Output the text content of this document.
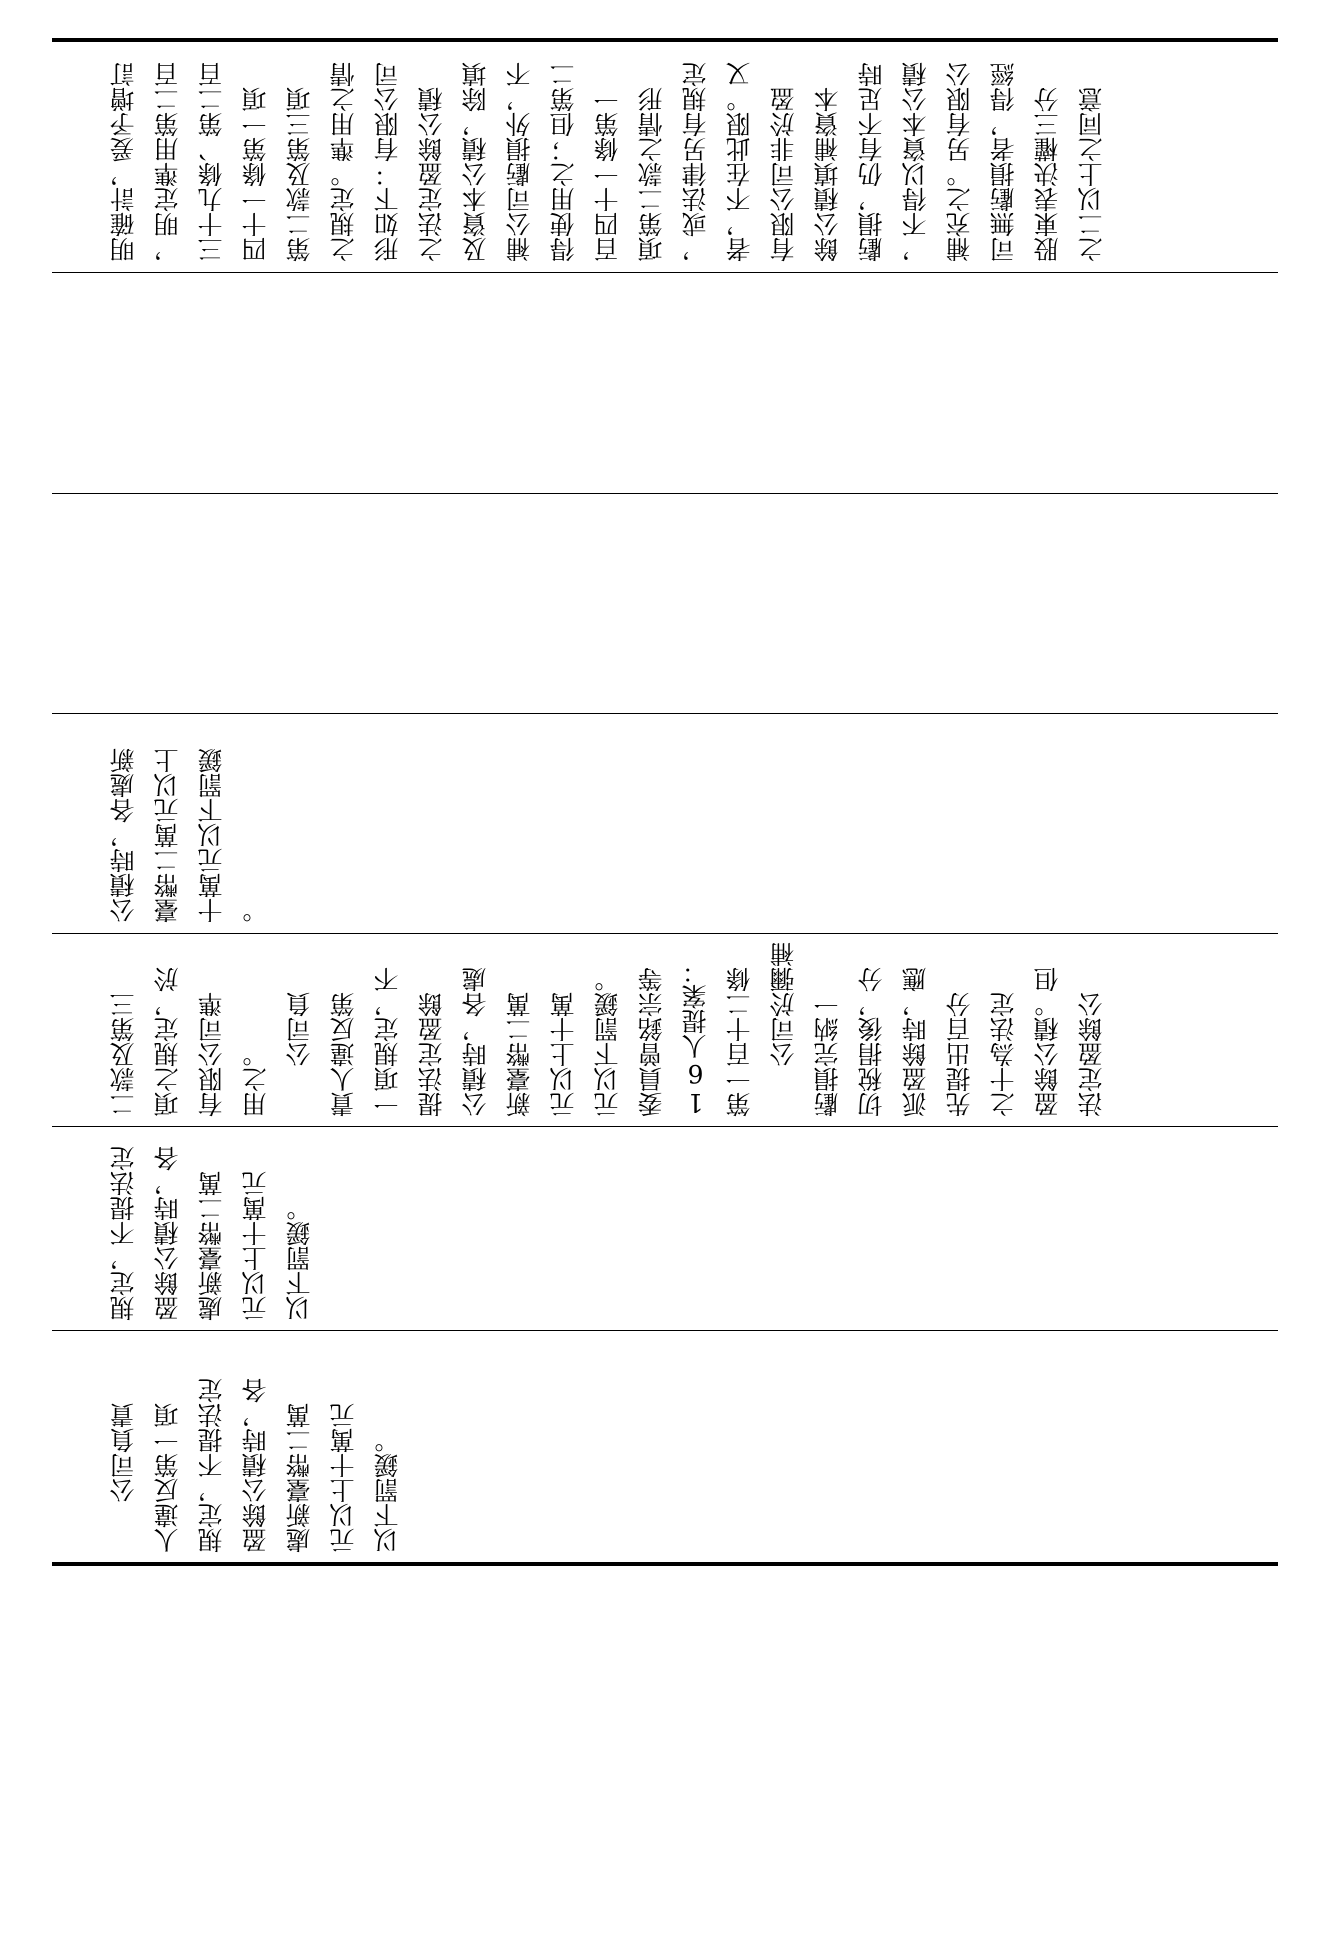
明確計，爰予增訂 ，明定準用第二百 三十九條、第二百 四十一條第一項 第二款及第三項 之規定。準用之情 形如下：有限公司 之法定盈餘公積 及資本公積，除填 補公司虧損外，不 得使用之；但第二 百四十一條第一 項第二款之情形 ，或法律另有規定 者，不在此限。又 有限公司非於盈 餘公積填補資本 虧損，仍有不足時 ，不得以資本公積 補充之。另有限公 司無虧損者，得經 股東表決權三分 之二以上之同意
公積時，各處新 臺幣二萬元以上 十萬元以下罰鍰 。
二款及第三 項之規定，於 有限公司準 用之。 　　公司負 責人違反第 一項規定，不 提法定盈餘 公積時，各處 新臺幣二萬 元以上十萬 元以下罰鍰。 委員曾銘宗等 16人提案： 第一百十二條 　　公司於彌補 虧損完納一 切稅捐後，分 派盈餘時，應 先提出百分 之十為法定 盈餘公積。但 法定盈餘公
規定，不提法定 盈餘公積時，各 處新臺幣二萬 元以上十萬元 以下罰鍰。
　　公司負責 人違反第一項 規定，不提法定 盈餘公積時，各 處新臺幣二萬 元以上十萬元 以下罰鍰。
